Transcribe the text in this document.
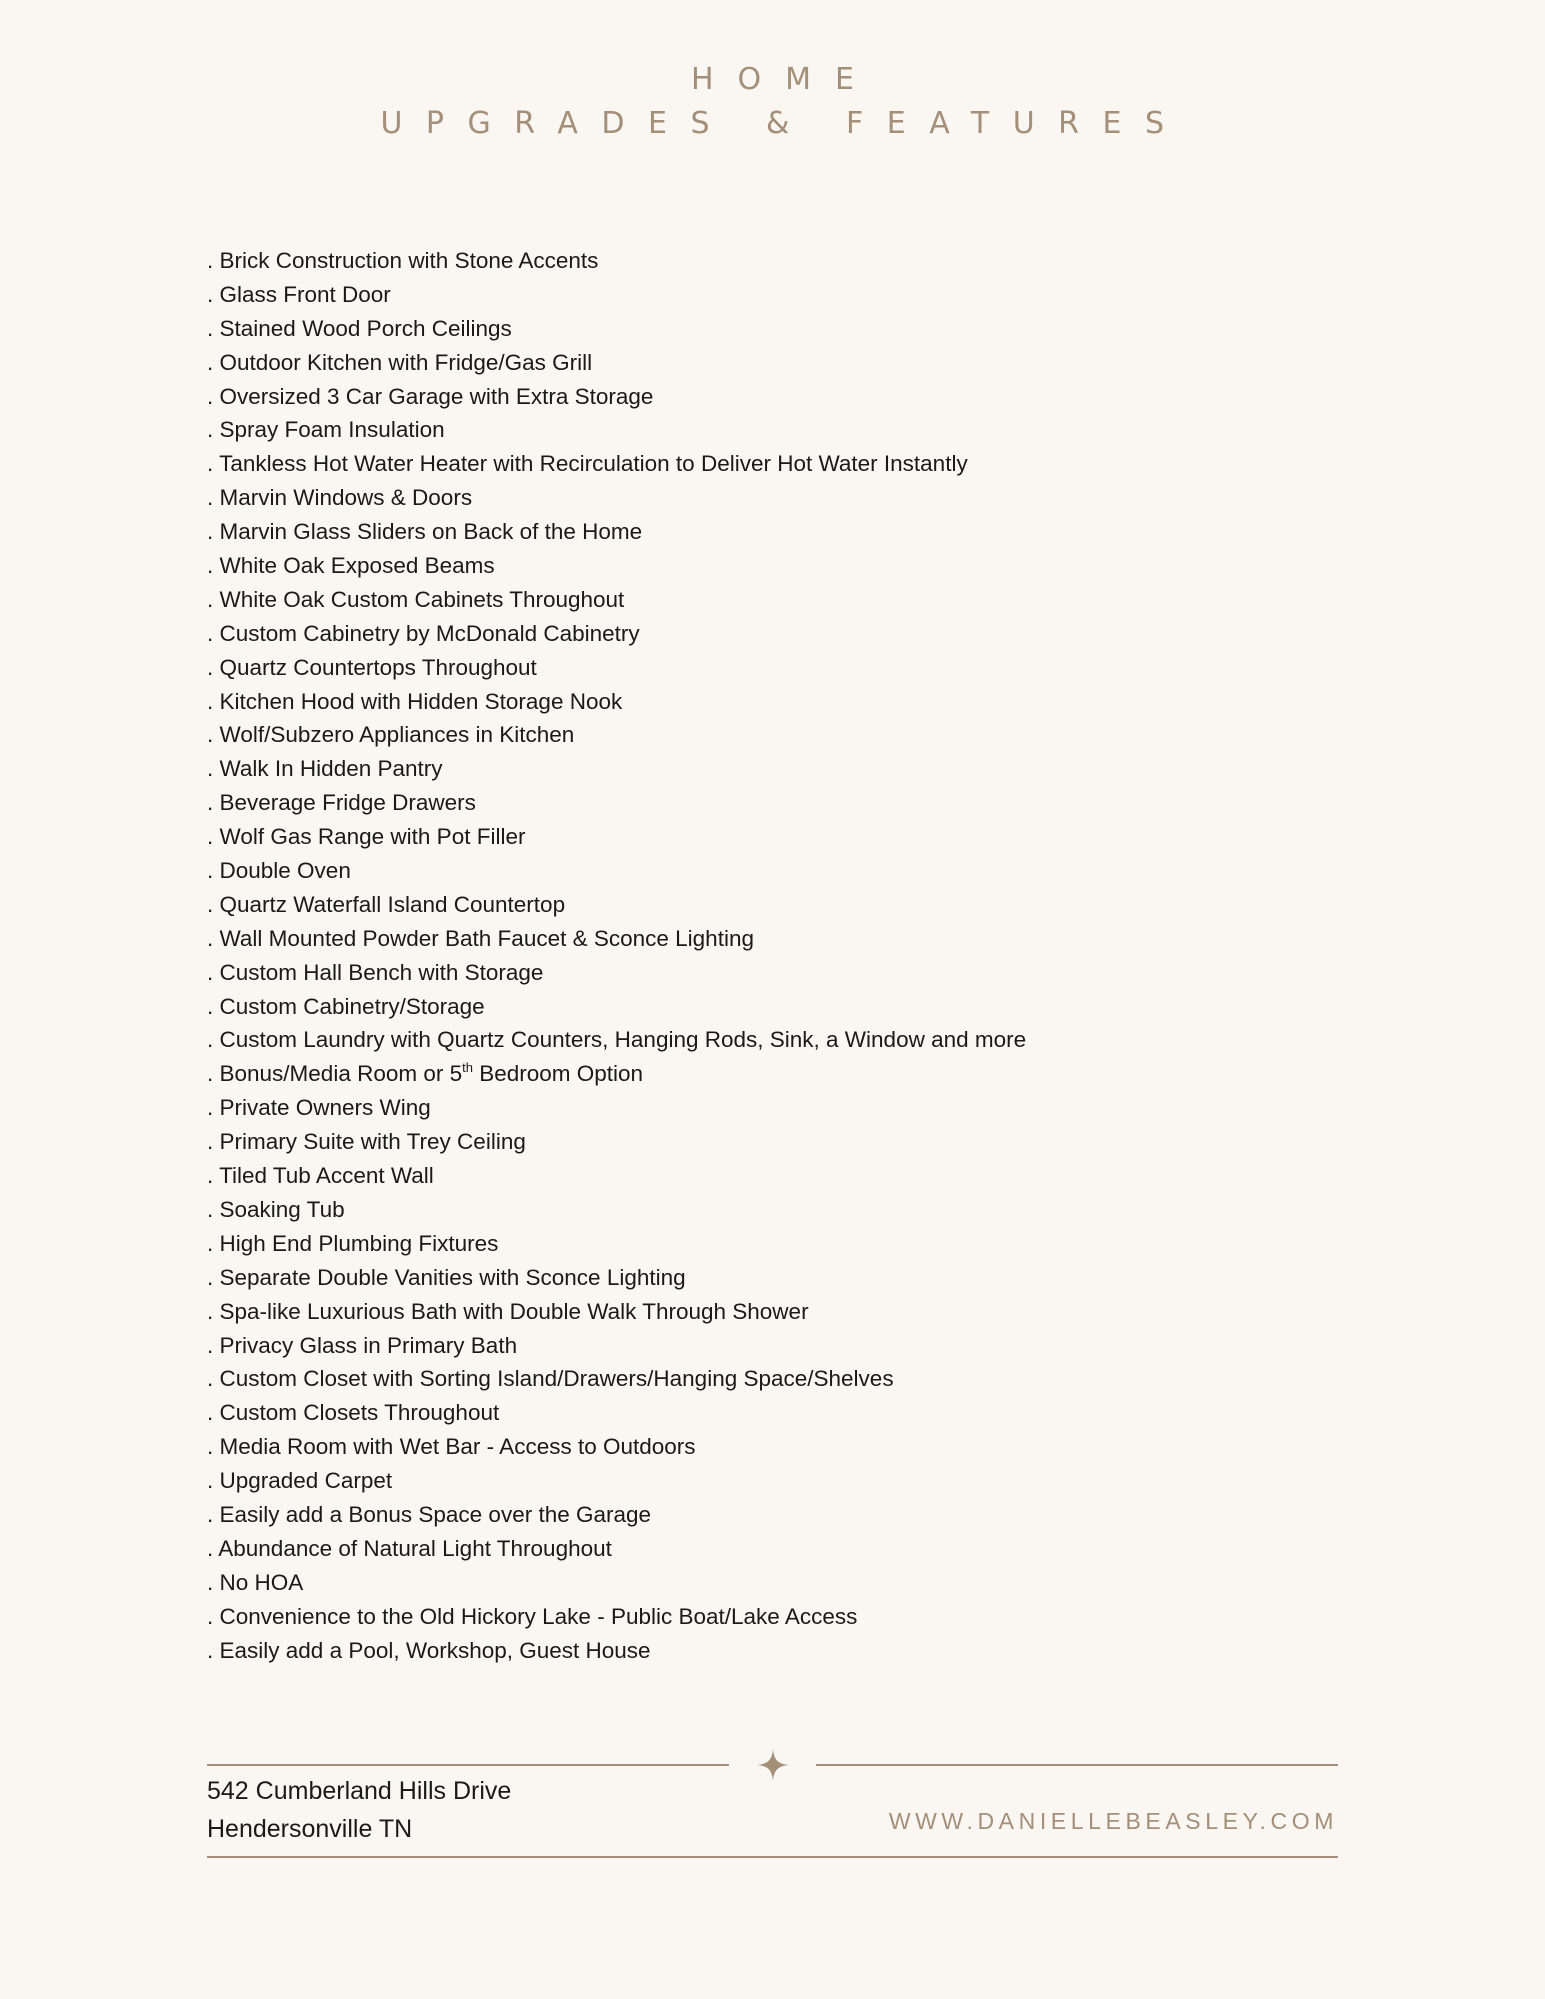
HOME
UPGRADES & FEATURES
. Brick Construction with Stone Accents
. Glass Front Door
. Stained Wood Porch Ceilings
. Outdoor Kitchen with Fridge/Gas Grill
. Oversized 3 Car Garage with Extra Storage
. Spray Foam Insulation
. Tankless Hot Water Heater with Recirculation to Deliver Hot Water Instantly
. Marvin Windows & Doors
. Marvin Glass Sliders on Back of the Home
. White Oak Exposed Beams
. White Oak Custom Cabinets Throughout
. Custom Cabinetry by McDonald Cabinetry
. Quartz Countertops Throughout
. Kitchen Hood with Hidden Storage Nook
. Wolf/Subzero Appliances in Kitchen
. Walk In Hidden Pantry
. Beverage Fridge Drawers
. Wolf Gas Range with Pot Filler
. Double Oven
. Quartz Waterfall Island Countertop
. Wall Mounted Powder Bath Faucet & Sconce Lighting
. Custom Hall Bench with Storage
. Custom Cabinetry/Storage
. Custom Laundry with Quartz Counters, Hanging Rods, Sink, a Window and more
. Bonus/Media Room or 5th Bedroom Option
. Private Owners Wing
. Primary Suite with Trey Ceiling
. Tiled Tub Accent Wall
. Soaking Tub
. High End Plumbing Fixtures
. Separate Double Vanities with Sconce Lighting
. Spa-like Luxurious Bath with Double Walk Through Shower
. Privacy Glass in Primary Bath
. Custom Closet with Sorting Island/Drawers/Hanging Space/Shelves
. Custom Closets Throughout
. Media Room with Wet Bar - Access to Outdoors
. Upgraded Carpet
. Easily add a Bonus Space over the Garage
. Abundance of Natural Light Throughout
. No HOA
. Convenience to the Old Hickory Lake - Public Boat/Lake Access
. Easily add a Pool, Workshop, Guest House
542 Cumberland Hills Drive
Hendersonville TN	WWW.DANIELLEBEASLEY.COM
